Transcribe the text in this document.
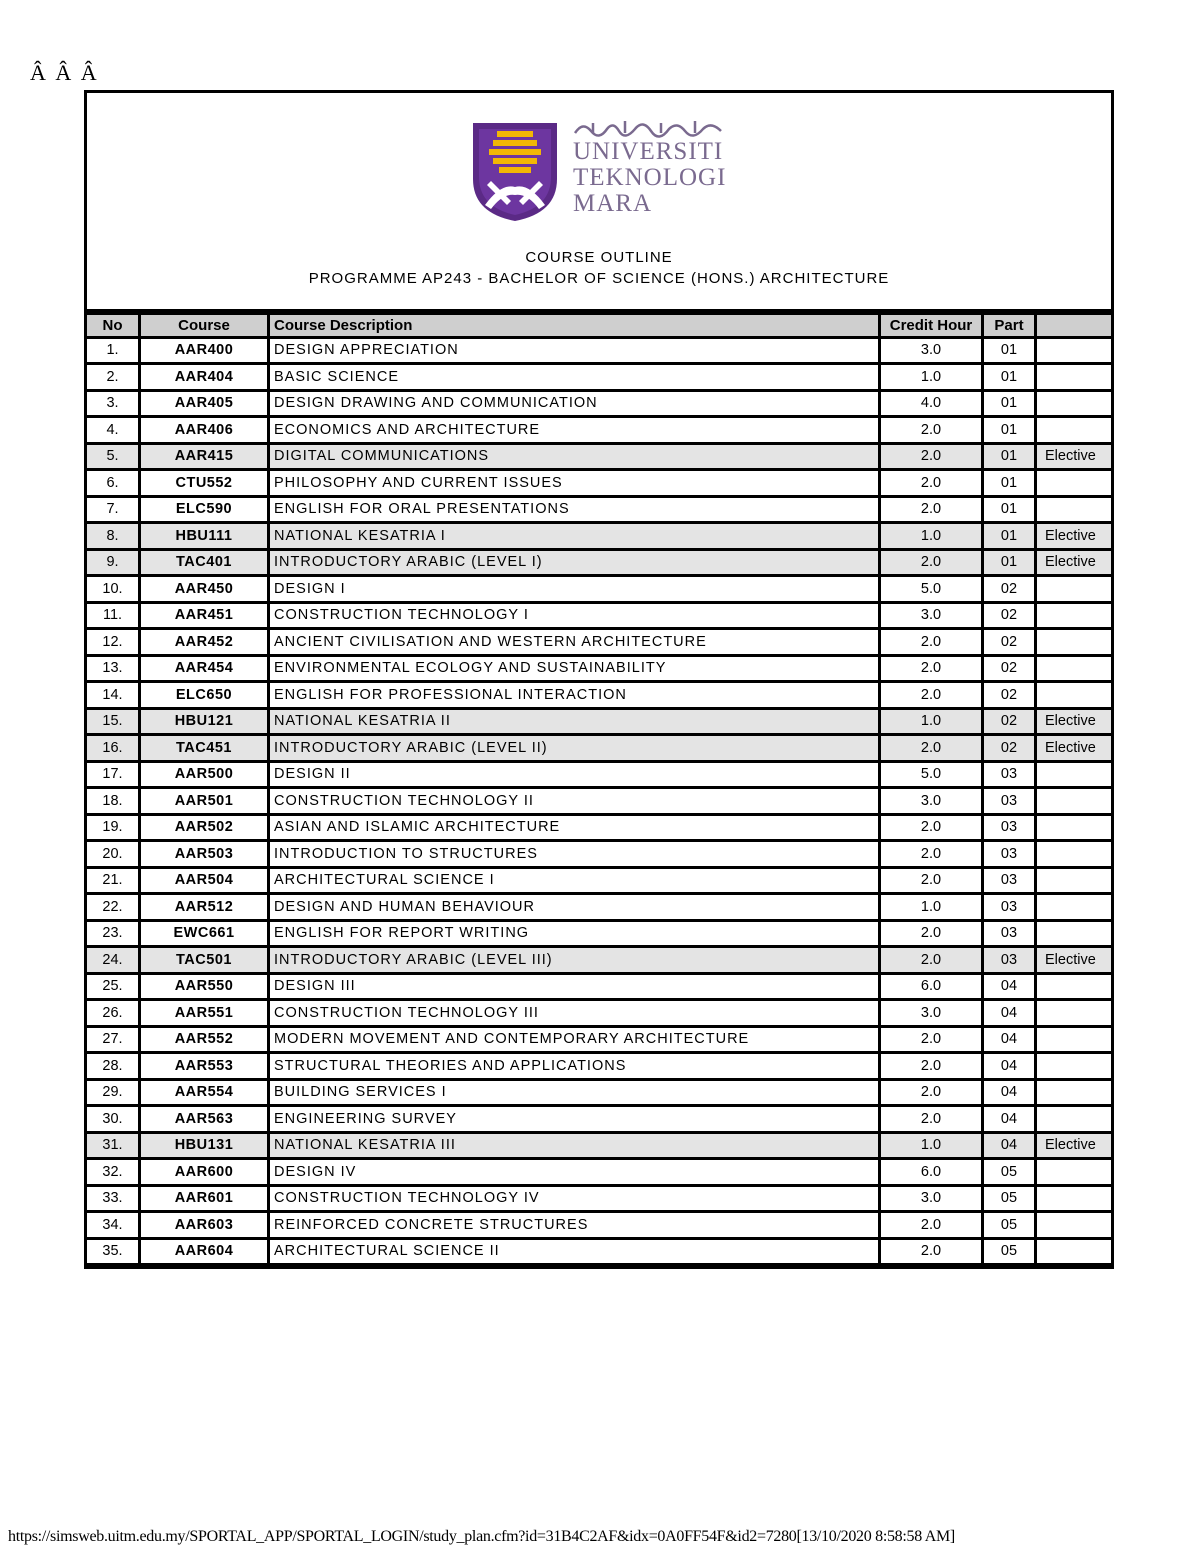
Â Â Â
UNIVERSITI
TEKNOLOGI
MARA
COURSE OUTLINE
PROGRAMME AP243 - BACHELOR OF SCIENCE (HONS.) ARCHITECTURE
No	Course	Course Description	Credit Hour	Part	
1.	AAR400	DESIGN APPRECIATION	3.0	01	
2.	AAR404	BASIC SCIENCE	1.0	01	
3.	AAR405	DESIGN DRAWING AND COMMUNICATION	4.0	01	
4.	AAR406	ECONOMICS AND ARCHITECTURE	2.0	01	
5.	AAR415	DIGITAL COMMUNICATIONS	2.0	01	Elective
6.	CTU552	PHILOSOPHY AND CURRENT ISSUES	2.0	01	
7.	ELC590	ENGLISH FOR ORAL PRESENTATIONS	2.0	01	
8.	HBU111	NATIONAL KESATRIA I	1.0	01	Elective
9.	TAC401	INTRODUCTORY ARABIC (LEVEL I)	2.0	01	Elective
10.	AAR450	DESIGN I	5.0	02	
11.	AAR451	CONSTRUCTION TECHNOLOGY I	3.0	02	
12.	AAR452	ANCIENT CIVILISATION AND WESTERN ARCHITECTURE	2.0	02	
13.	AAR454	ENVIRONMENTAL ECOLOGY AND SUSTAINABILITY	2.0	02	
14.	ELC650	ENGLISH FOR PROFESSIONAL INTERACTION	2.0	02	
15.	HBU121	NATIONAL KESATRIA II	1.0	02	Elective
16.	TAC451	INTRODUCTORY ARABIC (LEVEL II)	2.0	02	Elective
17.	AAR500	DESIGN II	5.0	03	
18.	AAR501	CONSTRUCTION TECHNOLOGY II	3.0	03	
19.	AAR502	ASIAN AND ISLAMIC ARCHITECTURE	2.0	03	
20.	AAR503	INTRODUCTION TO STRUCTURES	2.0	03	
21.	AAR504	ARCHITECTURAL SCIENCE I	2.0	03	
22.	AAR512	DESIGN AND HUMAN BEHAVIOUR	1.0	03	
23.	EWC661	ENGLISH FOR REPORT WRITING	2.0	03	
24.	TAC501	INTRODUCTORY ARABIC (LEVEL III)	2.0	03	Elective
25.	AAR550	DESIGN III	6.0	04	
26.	AAR551	CONSTRUCTION TECHNOLOGY III	3.0	04	
27.	AAR552	MODERN MOVEMENT AND CONTEMPORARY ARCHITECTURE	2.0	04	
28.	AAR553	STRUCTURAL THEORIES AND APPLICATIONS	2.0	04	
29.	AAR554	BUILDING SERVICES I	2.0	04	
30.	AAR563	ENGINEERING SURVEY	2.0	04	
31.	HBU131	NATIONAL KESATRIA III	1.0	04	Elective
32.	AAR600	DESIGN IV	6.0	05	
33.	AAR601	CONSTRUCTION TECHNOLOGY IV	3.0	05	
34.	AAR603	REINFORCED CONCRETE STRUCTURES	2.0	05	
35.	AAR604	ARCHITECTURAL SCIENCE II	2.0	05	
https://simsweb.uitm.edu.my/SPORTAL_APP/SPORTAL_LOGIN/study_plan.cfm?id=31B4C2AF&idx=0A0FF54F&id2=7280[13/10/2020 8:58:58 AM]
